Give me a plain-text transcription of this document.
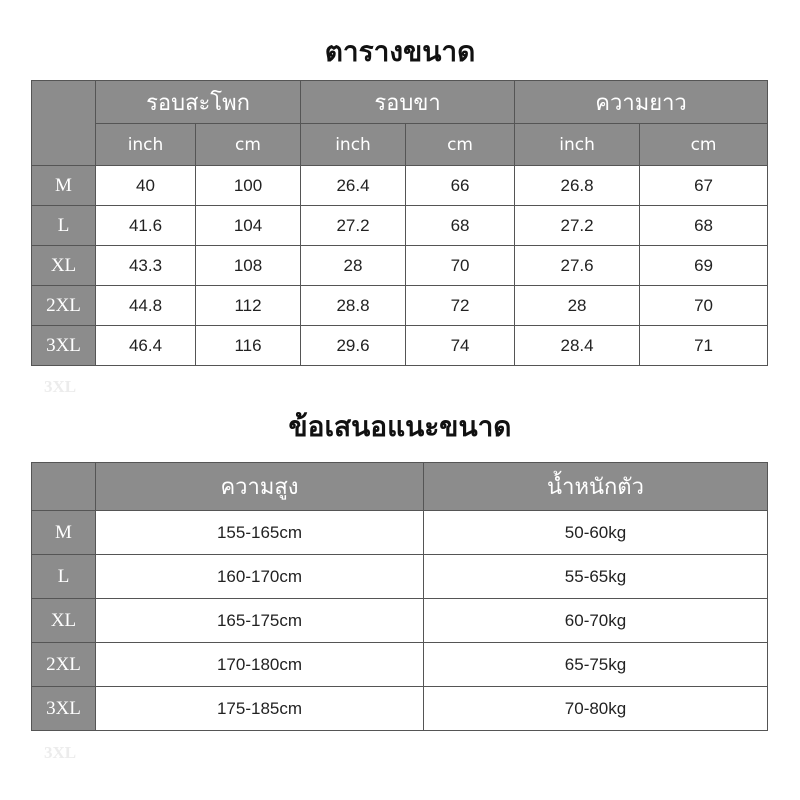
ตารางขนาด
	รอบสะโพก		รอบขา		ความยาว	
	inch	cm	inch	cm	inch	cm
M	40	100	26.4	66	26.8	67
L	41.6	104	27.2	68	27.2	68
XL	43.3	108	28	70	27.6	69
2XL	44.8	112	28.8	72	28	70
3XL	46.4	116	29.6	74	28.4	71
3XL
ข้อเสนอแนะขนาด
	ความสูง	น้ำหนักตัว
M	155-165cm	50-60kg
L	160-170cm	55-65kg
XL	165-175cm	60-70kg
2XL	170-180cm	65-75kg
3XL	175-185cm	70-80kg
3XL
